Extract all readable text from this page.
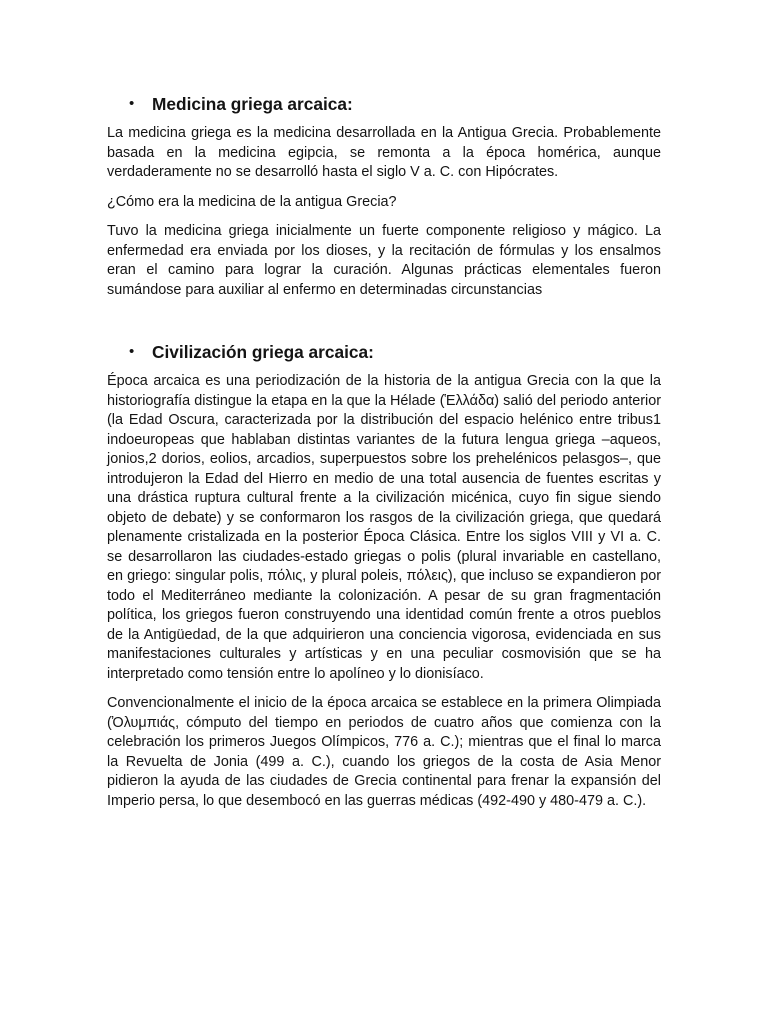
• Medicina griega arcaica:

La medicina griega es la medicina desarrollada en la Antigua Grecia. Probablemente basada en la medicina egipcia, se remonta a la época homérica, aunque verdaderamente no se desarrolló hasta el siglo V a. C. con Hipócrates.

¿Cómo era la medicina de la antigua Grecia?

Tuvo la medicina griega inicialmente un fuerte componente religioso y mágico. La enfermedad era enviada por los dioses, y la recitación de fórmulas y los ensalmos eran el camino para lograr la curación. Algunas prácticas elementales fueron sumándose para auxiliar al enfermo en determinadas circunstancias

• Civilización griega arcaica:

Época arcaica es una periodización de la historia de la antigua Grecia con la que la historiografía distingue la etapa en la que la Hélade (Ἑλλάδα) salió del periodo anterior (la Edad Oscura, caracterizada por la distribución del espacio helénico entre tribus1 indoeuropeas que hablaban distintas variantes de la futura lengua griega –aqueos, jonios,2 dorios, eolios, arcadios, superpuestos sobre los prehelénicos pelasgos–, que introdujeron la Edad del Hierro en medio de una total ausencia de fuentes escritas y una drástica ruptura cultural frente a la civilización micénica, cuyo fin sigue siendo objeto de debate) y se conformaron los rasgos de la civilización griega, que quedará plenamente cristalizada en la posterior Época Clásica. Entre los siglos VIII y VI a. C. se desarrollaron las ciudades-estado griegas o polis (plural invariable en castellano, en griego: singular polis, πόλις, y plural poleis, πόλεις), que incluso se expandieron por todo el Mediterráneo mediante la colonización. A pesar de su gran fragmentación política, los griegos fueron construyendo una identidad común frente a otros pueblos de la Antigüedad, de la que adquirieron una conciencia vigorosa, evidenciada en sus manifestaciones culturales y artísticas y en una peculiar cosmovisión que se ha interpretado como tensión entre lo apolíneo y lo dionisíaco.

Convencionalmente el inicio de la época arcaica se establece en la primera Olimpiada (Ὀλυμπιάς, cómputo del tiempo en periodos de cuatro años que comienza con la celebración los primeros Juegos Olímpicos, 776 a. C.); mientras que el final lo marca la Revuelta de Jonia (499 a. C.), cuando los griegos de la costa de Asia Menor pidieron la ayuda de las ciudades de Grecia continental para frenar la expansión del Imperio persa, lo que desembocó en las guerras médicas (492-490 y 480-479 a. C.).
